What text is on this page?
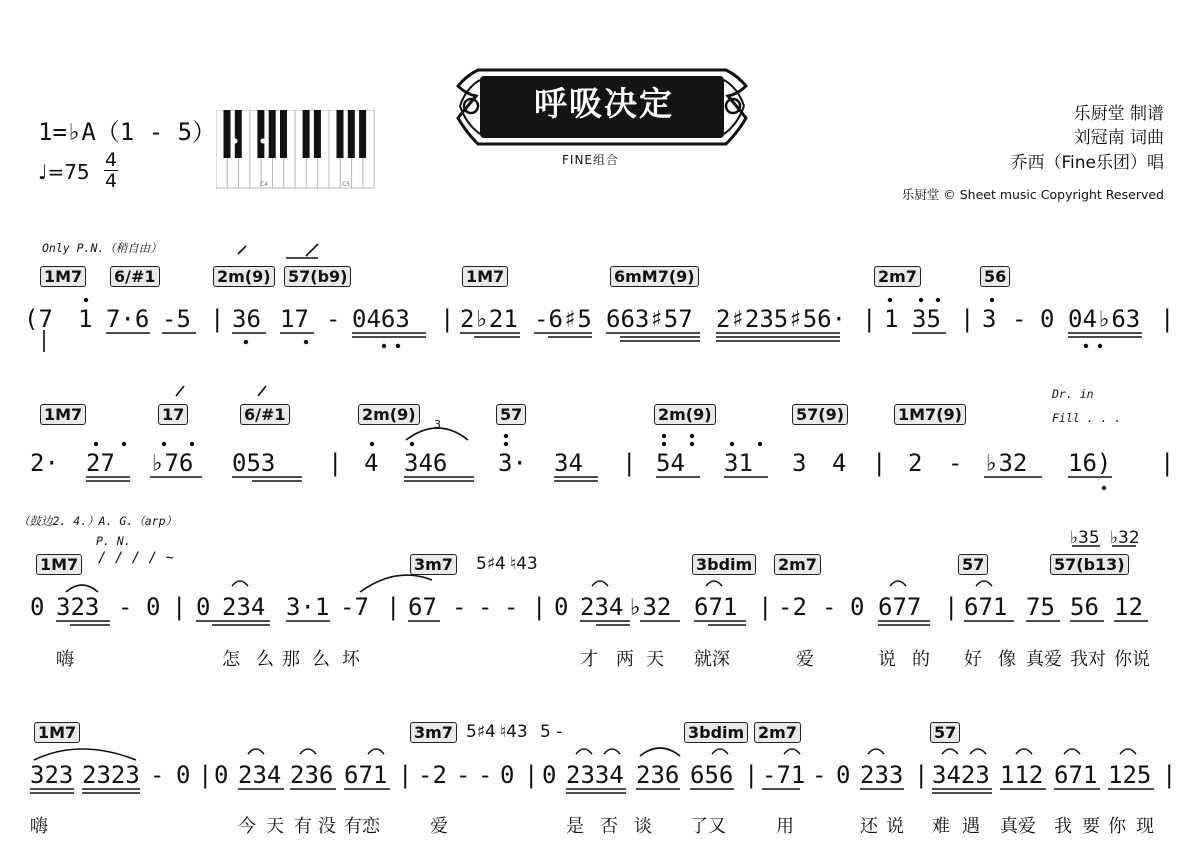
1=♭A（1 - 5）
♩=75 4
4	C4	C5
呼吸决定
FINE组合
乐厨堂 制谱
刘冠南 词曲
乔西（Fine乐团）唱
乐厨堂 © Sheet music Copyright Reserved
Only P.N.（稍自由）
Dr. in
Fill . . .
（鼓边2. 4.）A. G.（arp）
P. N.
/ / / / ~
3
1M7 6/#1	2m(9) 57(b9)	1M7	6mM7(9)	2m7	56
(7 1 7·6 -5 | 36 17 - 0463 | 2♭21 -6♯5 663♯57 2♯235♯56· | 1 35 | 3 - 0 04♭63 |
1M7	17	6/#1	2m(9)	57	2m(9)	57(9)	1M7(9)
2· 27 ♭76 053 | 4 346 3· 34 | 54 31 3 4 | 2 - ♭32 16) |
1M7	3m7	3bdim 2m7	57	57(b13)
5♯4 ♮43
♭35 ♭32
0 323 - 0 | 0 234 3·1 -7 | 67 - - - | 0 234 ♭32 671 | -2 - 0 677 | 671 75 56 12
嗨	怎 么 那 么 坏	才 两 天 就深	爱	说 的 好 像 真爱 我对 你说
1M7	3m7	3bdim 2m7	57
5♯4 ♮43 5 -
323 2323 - 0 | 0 234 236 671 | -2 - - 0 | 0 2334 236 656 | -71 - 0 233 | 3423 112 671 125 |
嗨	今 天 有 没 有恋	爱	是 否 谈 了又	用	还 说 难 遇 真爱 我 要 你 现
